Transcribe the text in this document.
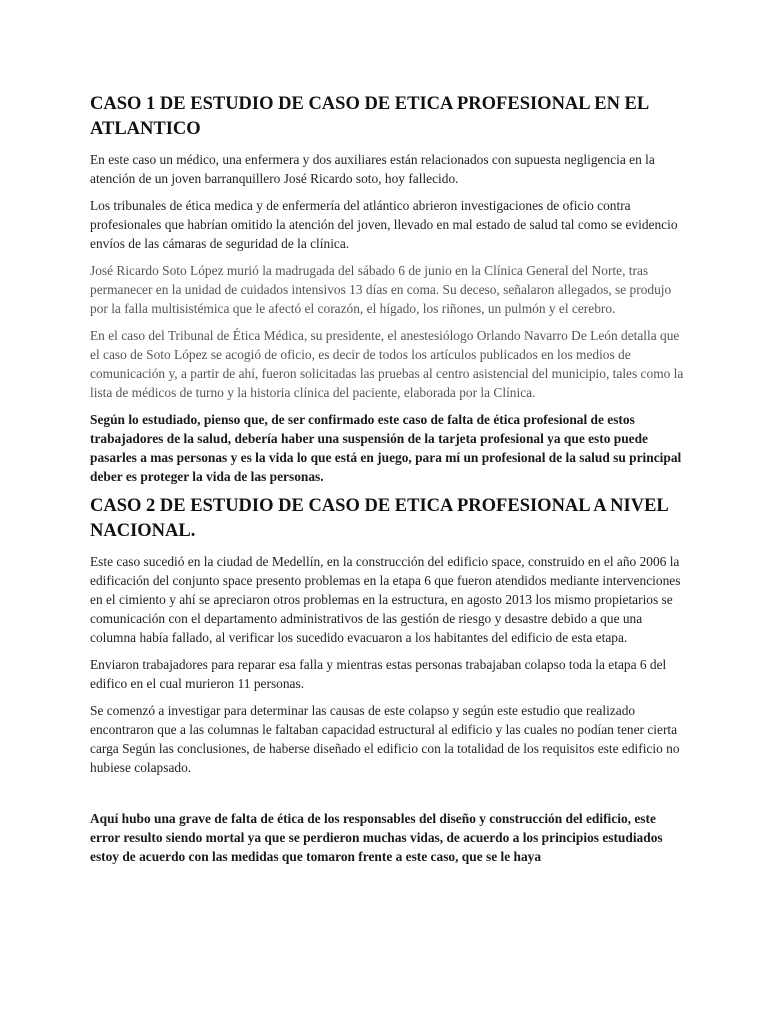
CASO 1 DE ESTUDIO DE CASO DE ETICA PROFESIONAL EN EL ATLANTICO

En este caso un médico, una enfermera y dos auxiliares están relacionados con supuesta negligencia en la atención de un joven barranquillero José Ricardo soto, hoy fallecido.

Los tribunales de ética medica y de enfermería del atlántico abrieron investigaciones de oficio contra profesionales que habrían omitido la atención del joven, llevado en mal estado de salud tal como se evidencio envíos de las cámaras de seguridad de la clínica.

José Ricardo Soto López murió la madrugada del sábado 6 de junio en la Clínica General del Norte, tras permanecer en la unidad de cuidados intensivos 13 días en coma. Su deceso, señalaron allegados, se produjo por la falla multisistémica que le afectó el corazón, el hígado, los riñones, un pulmón y el cerebro.

En el caso del Tribunal de Ética Médica, su presidente, el anestesiólogo Orlando Navarro De León detalla que el caso de Soto López se acogió de oficio, es decir de todos los artículos publicados en los medios de comunicación y, a partir de ahí, fueron solicitadas las pruebas al centro asistencial del municipio, tales como la lista de médicos de turno y la historia clínica del paciente, elaborada por la Clínica.

Según lo estudiado, pienso que, de ser confirmado este caso de falta de ética profesional de estos trabajadores de la salud, debería haber una suspensión de la tarjeta profesional ya que esto puede pasarles a mas personas y es la vida lo que está en juego, para mí un profesional de la salud su principal deber es proteger la vida de las personas.

CASO 2 DE ESTUDIO DE CASO DE ETICA PROFESIONAL A NIVEL NACIONAL.

Este caso sucedió en la ciudad de Medellín, en la construcción del edificio space, construido en el año 2006 la edificación del conjunto space presento problemas en la etapa 6 que fueron atendidos mediante intervenciones en el cimiento y ahí se apreciaron otros problemas en la estructura, en agosto 2013 los mismo propietarios se comunicación con el departamento administrativos de las gestión de riesgo y desastre debido a que una columna había fallado, al verificar los sucedido evacuaron a los habitantes del edificio de esta etapa.

Enviaron trabajadores para reparar esa falla y mientras estas personas trabajaban colapso toda la etapa 6 del edifico en el cual murieron 11 personas.

Se comenzó a investigar para determinar las causas de este colapso y según este estudio que realizado encontraron que a las columnas le faltaban capacidad estructural al edificio y las cuales no podían tener cierta carga Según las conclusiones, de haberse diseñado el edificio con la totalidad de los requisitos este edificio no hubiese colapsado.

Aquí hubo una grave de falta de ética de los responsables del diseño y construcción del edificio, este error resulto siendo mortal ya que se perdieron muchas vidas, de acuerdo a los principios estudiados estoy de acuerdo con las medidas que tomaron frente a este caso, que se le haya
